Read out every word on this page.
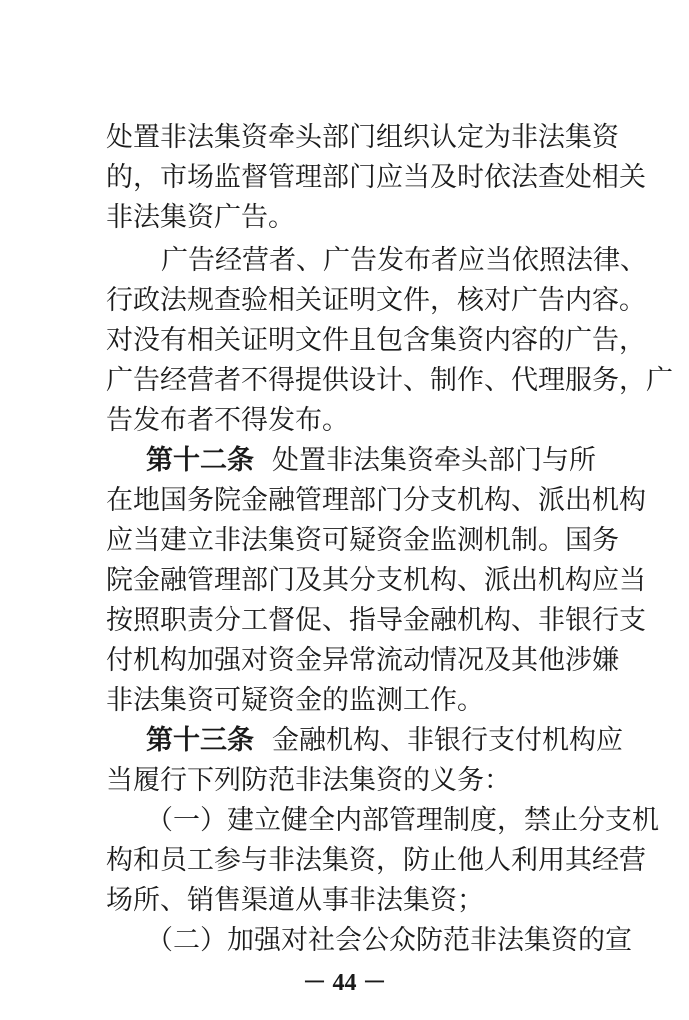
处置非法集资牵头部门组织认定为非法集资
的，市场监督管理部门应当及时依法查处相关
非法集资广告。
广告经营者、广告发布者应当依照法律、
行政法规查验相关证明文件，核对广告内容。
对没有相关证明文件且包含集资内容的广告，
广告经营者不得提供设计、制作、代理服务，广
告发布者不得发布。
第十二条 处置非法集资牵头部门与所
在地国务院金融管理部门分支机构、派出机构
应当建立非法集资可疑资金监测机制。国务
院金融管理部门及其分支机构、派出机构应当
按照职责分工督促、指导金融机构、非银行支
付机构加强对资金异常流动情况及其他涉嫌
非法集资可疑资金的监测工作。
第十三条 金融机构、非银行支付机构应
当履行下列防范非法集资的义务：
（一）建立健全内部管理制度，禁止分支机
构和员工参与非法集资，防止他人利用其经营
场所、销售渠道从事非法集资；
（二）加强对社会公众防范非法集资的宣
－ 44 －
